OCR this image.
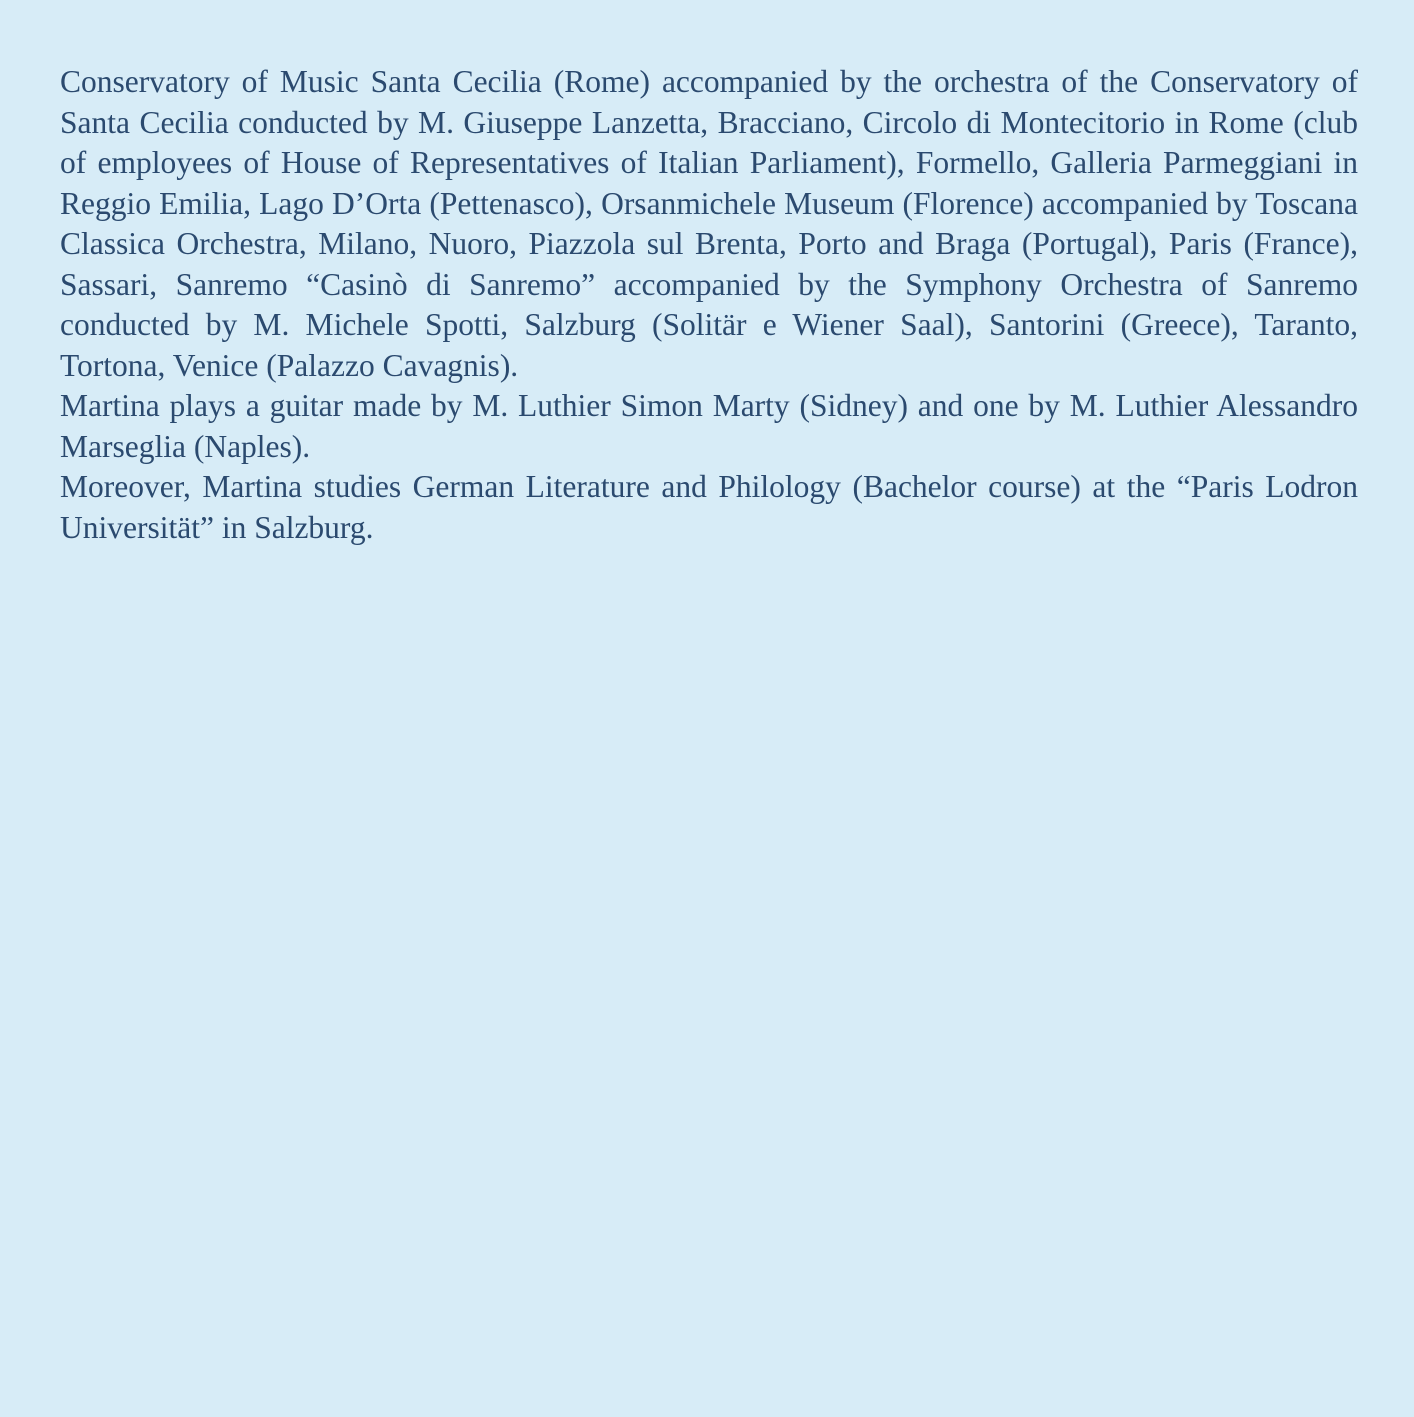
Conservatory of Music Santa Cecilia (Rome) accompanied by the orchestra of the Conservatory of Santa Cecilia conducted by M. Giuseppe Lanzetta, Bracciano, Circolo di Montecitorio in Rome (club of employees of House of Representatives of Italian Parliament), Formello, Galleria Parmeggiani in Reggio Emilia, Lago D’Orta (Pettenasco), Orsanmichele Museum (Florence) accompanied by Toscana Classica Orchestra, Milano, Nuoro, Piazzola sul Brenta, Porto and Braga (Portugal), Paris (France), Sassari, Sanremo “Casinò di Sanremo” accompanied by the Symphony Orchestra of Sanremo conducted by M. Michele Spotti, Salzburg (Solitär e Wiener Saal), Santorini (Greece), Taranto, Tortona, Venice (Palazzo Cavagnis).

Martina plays a guitar made by M. Luthier Simon Marty (Sidney) and one by M. Luthier Alessandro Marseglia (Naples).

Moreover, Martina studies German Literature and Philology (Bachelor course) at the “Paris Lodron Universität” in Salzburg.
